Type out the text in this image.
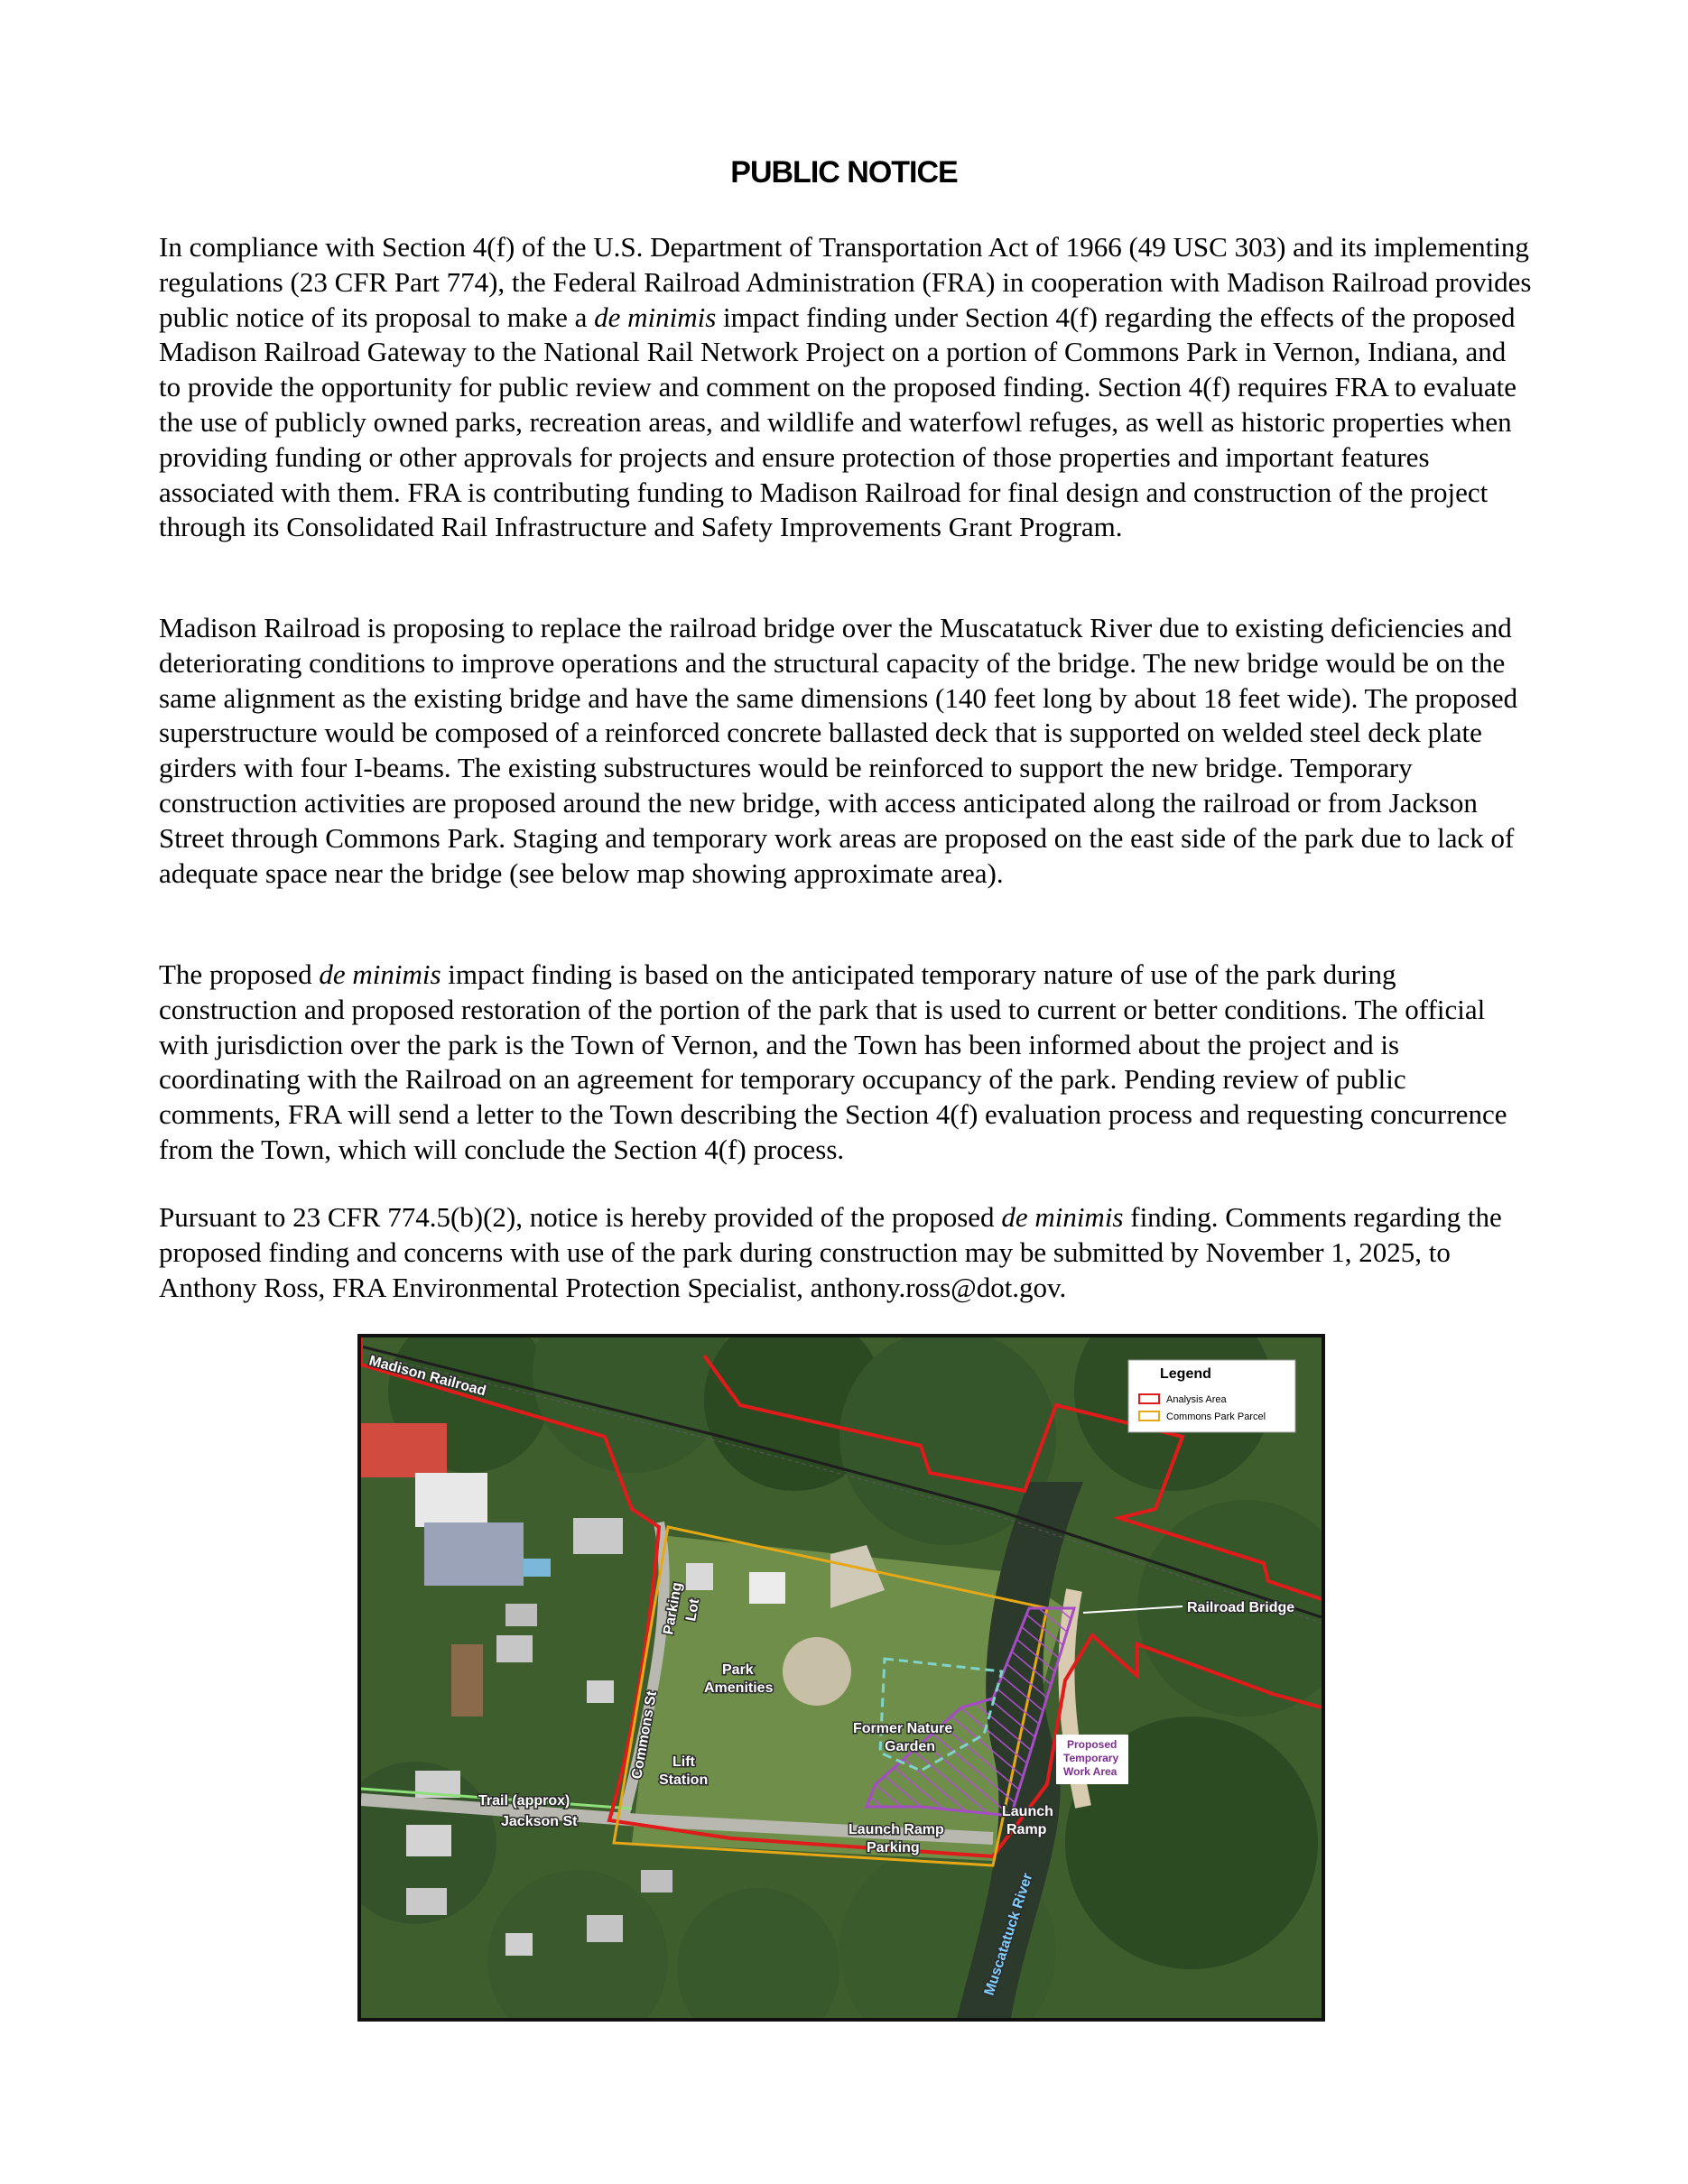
PUBLIC NOTICE

In compliance with Section 4(f) of the U.S. Department of Transportation Act of 1966 (49 USC 303) and its implementing regulations (23 CFR Part 774), the Federal Railroad Administration (FRA) in cooperation with Madison Railroad provides public notice of its proposal to make a de minimis impact finding under Section 4(f) regarding the effects of the proposed Madison Railroad Gateway to the National Rail Network Project on a portion of Commons Park in Vernon, Indiana, and to provide the opportunity for public review and comment on the proposed finding. Section 4(f) requires FRA to evaluate the use of publicly owned parks, recreation areas, and wildlife and waterfowl refuges, as well as historic properties when providing funding or other approvals for projects and ensure protection of those properties and important features associated with them. FRA is contributing funding to Madison Railroad for final design and construction of the project through its Consolidated Rail Infrastructure and Safety Improvements Grant Program.

Madison Railroad is proposing to replace the railroad bridge over the Muscatatuck River due to existing deficiencies and deteriorating conditions to improve operations and the structural capacity of the bridge. The new bridge would be on the same alignment as the existing bridge and have the same dimensions (140 feet long by about 18 feet wide). The proposed superstructure would be composed of a reinforced concrete ballasted deck that is supported on welded steel deck plate girders with four I-beams. The existing substructures would be reinforced to support the new bridge. Temporary construction activities are proposed around the new bridge, with access anticipated along the railroad or from Jackson Street through Commons Park. Staging and temporary work areas are proposed on the east side of the park due to lack of adequate space near the bridge (see below map showing approximate area).

The proposed de minimis impact finding is based on the anticipated temporary nature of use of the park during construction and proposed restoration of the portion of the park that is used to current or better conditions. The official with jurisdiction over the park is the Town of Vernon, and the Town has been informed about the project and is coordinating with the Railroad on an agreement for temporary occupancy of the park. Pending review of public comments, FRA will send a letter to the Town describing the Section 4(f) evaluation process and requesting concurrence from the Town, which will conclude the Section 4(f) process.

Pursuant to 23 CFR 774.5(b)(2), notice is hereby provided of the proposed de minimis finding. Comments regarding the proposed finding and concerns with use of the park during construction may be submitted by November 1, 2025, to Anthony Ross, FRA Environmental Protection Specialist, anthony.ross@dot.gov.

Legend
Analysis Area
Commons Park Parcel
Madison Railroad
Railroad Bridge
Parking
Lot
Park
Amenities
Commons St	Former Nature
Garden
Lift
Station
Trail (approx)
Jackson St
Launch Ramp
Parking
Launch
Ramp
Proposed
Temporary
Work Area
Muscatatuck River
